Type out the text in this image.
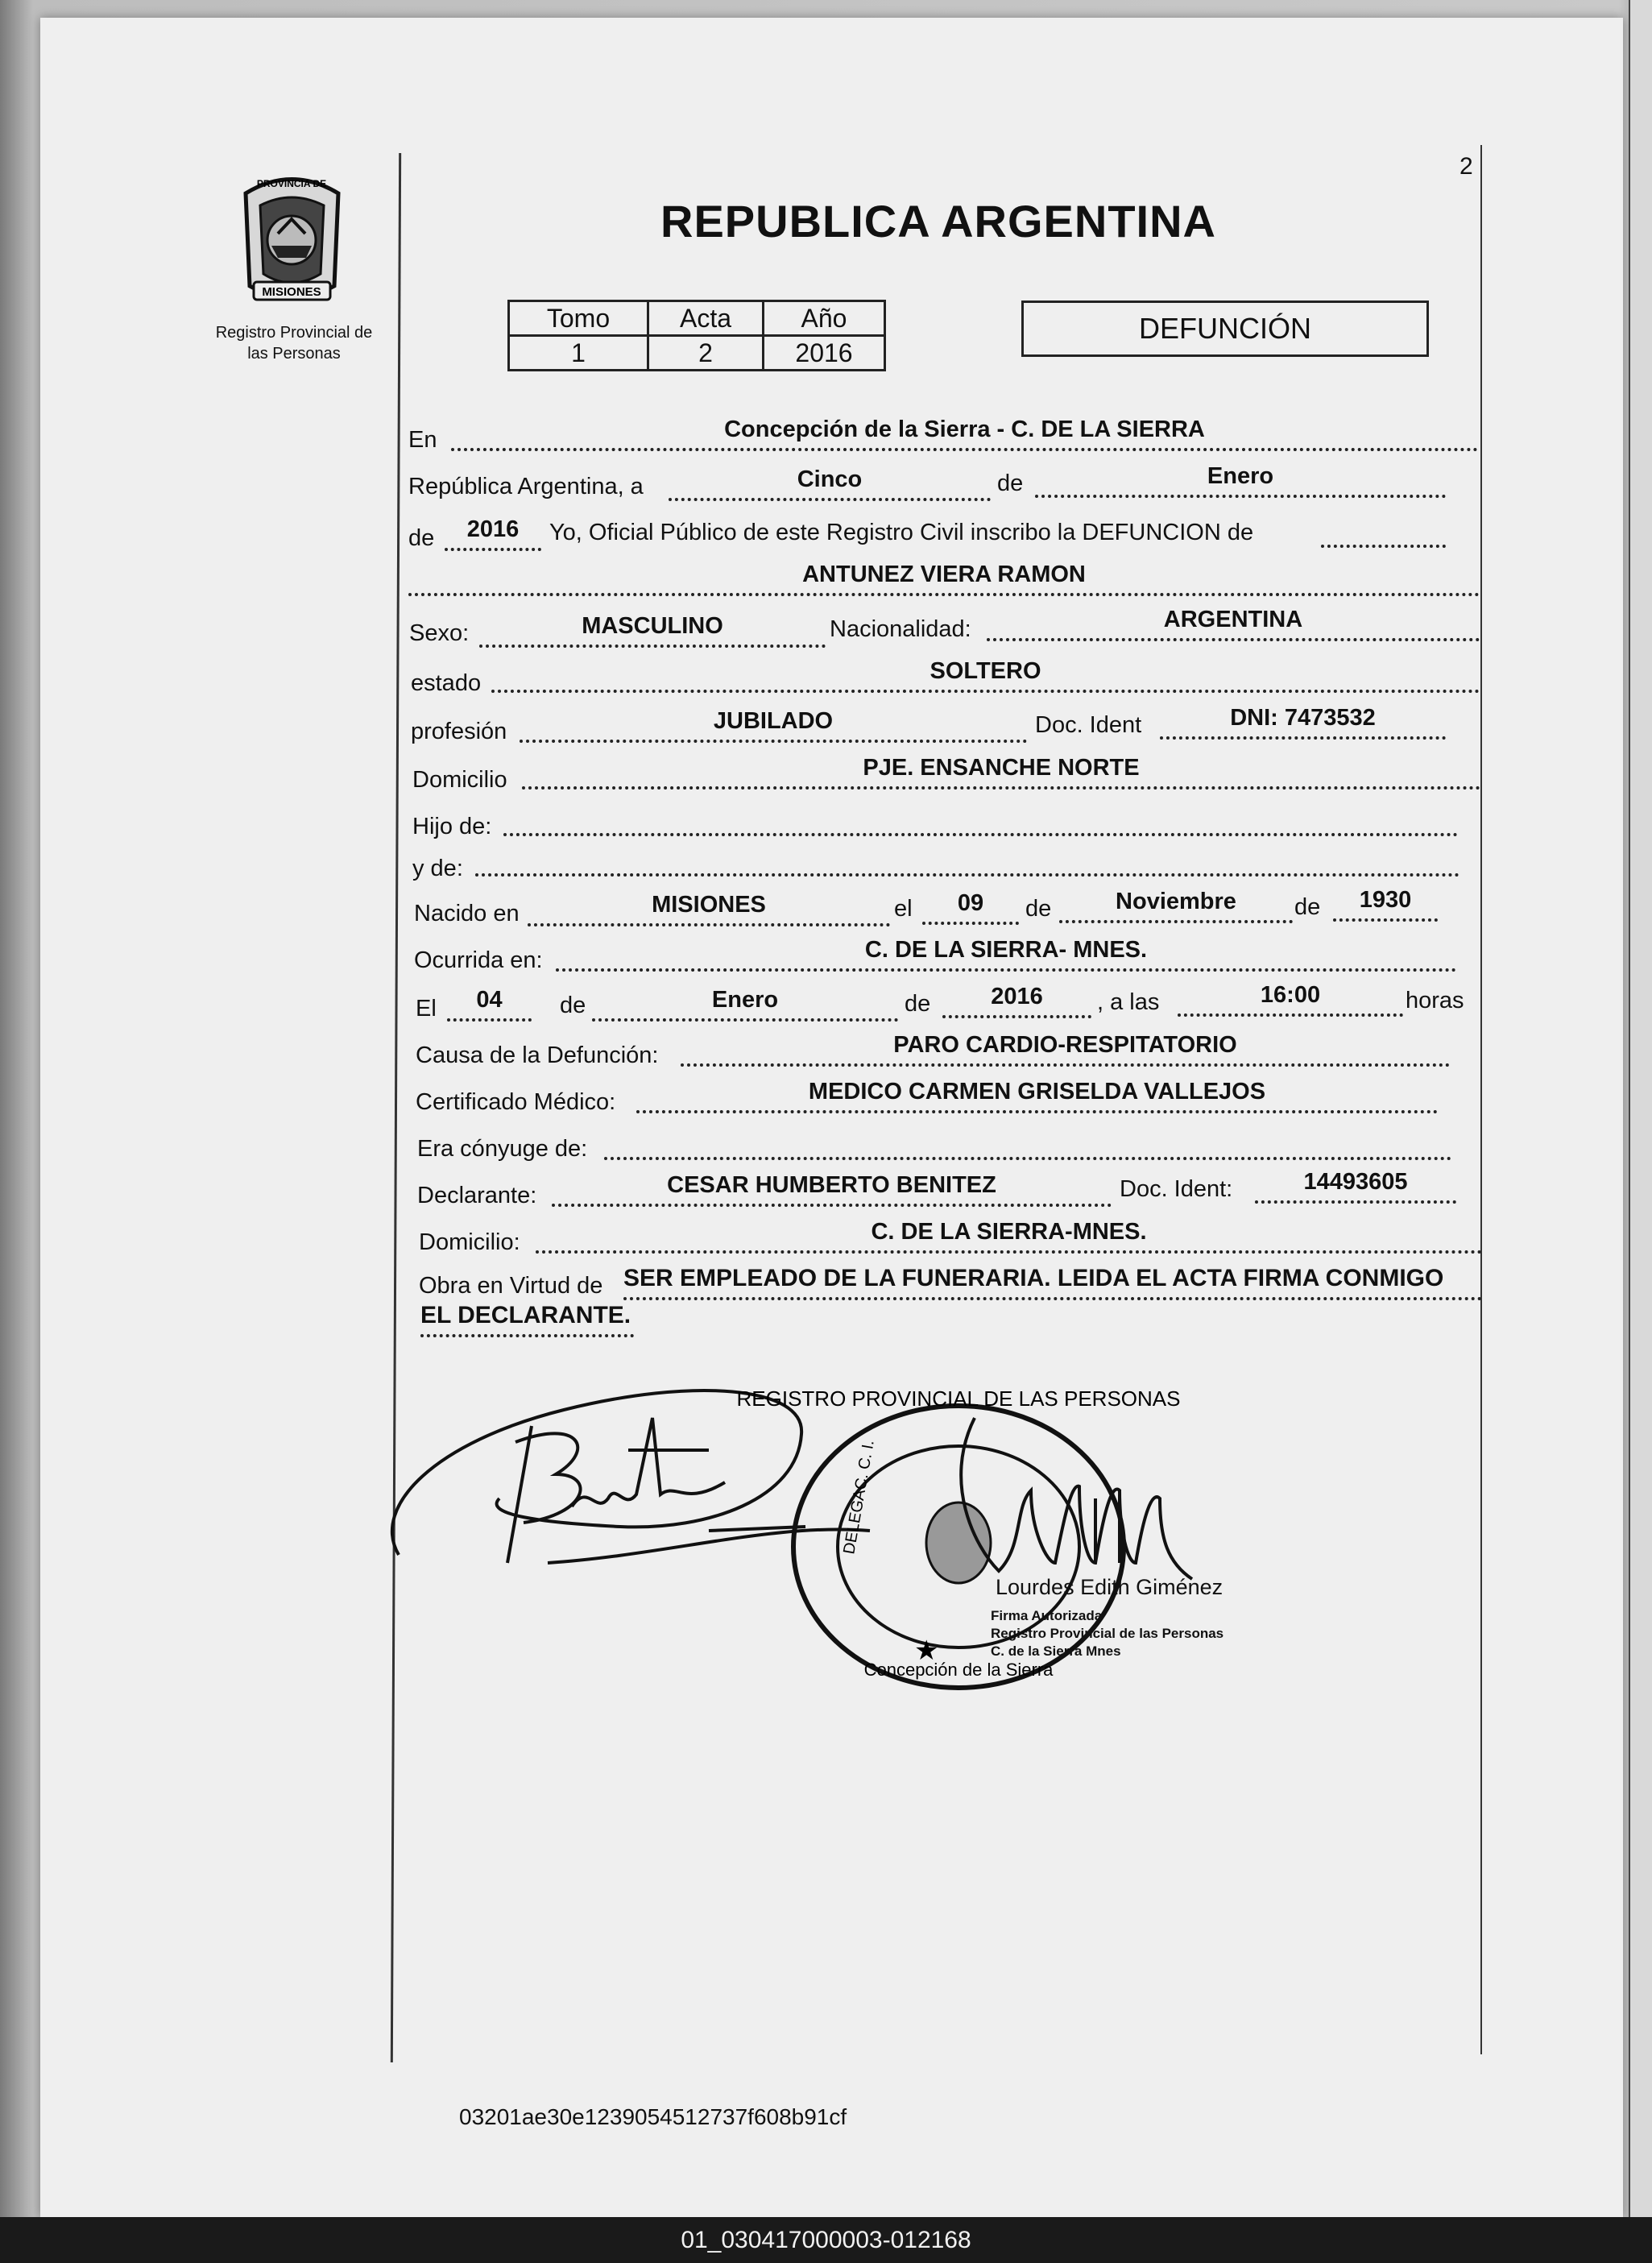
2
MISIONES
PROVINCIA DE
Registro Provincial de
las Personas
REPUBLICA ARGENTINA
Tomo	Acta	Año
1	2	2016
DEFUNCIÓN
En	Concepción de la Sierra - C. DE LA SIERRA
República Argentina, a	Cinco	de	Enero
de	2016	Yo, Oficial Público de este Registro Civil inscribo la DEFUNCION de
ANTUNEZ VIERA RAMON
Sexo:	MASCULINO	Nacionalidad:	ARGENTINA
estado	SOLTERO
profesión	JUBILADO	Doc. Ident	DNI: 7473532
Domicilio	PJE. ENSANCHE NORTE
Hijo de:
y de:
Nacido en	MISIONES	el	09	de	Noviembre	de	1930
Ocurrida en:	C. DE LA SIERRA- MNES.
El	04	de	Enero	de	2016	, a las	16:00	horas
Causa de la Defunción:	PARO CARDIO-RESPITATORIO
Certificado Médico:	MEDICO CARMEN GRISELDA VALLEJOS
Era cónyuge de:
Declarante:	CESAR HUMBERTO BENITEZ	Doc. Ident:	14493605
Domicilio:	C. DE LA SIERRA-MNES.
Obra en Virtud de SER EMPLEADO DE LA FUNERARIA. LEIDA EL ACTA FIRMA CONMIGO
EL DECLARANTE.
REGISTRO PROVINCIAL DE LAS PERSONAS
DELEGAC. C. I.
Concepción de la Sierra
★
Lourdes Edith Giménez
Firma Autorizada
Registro Provincial de las Personas
C. de la Sierra Mnes
03201ae30e1239054512737f608b91cf
01_030417000003-012168
